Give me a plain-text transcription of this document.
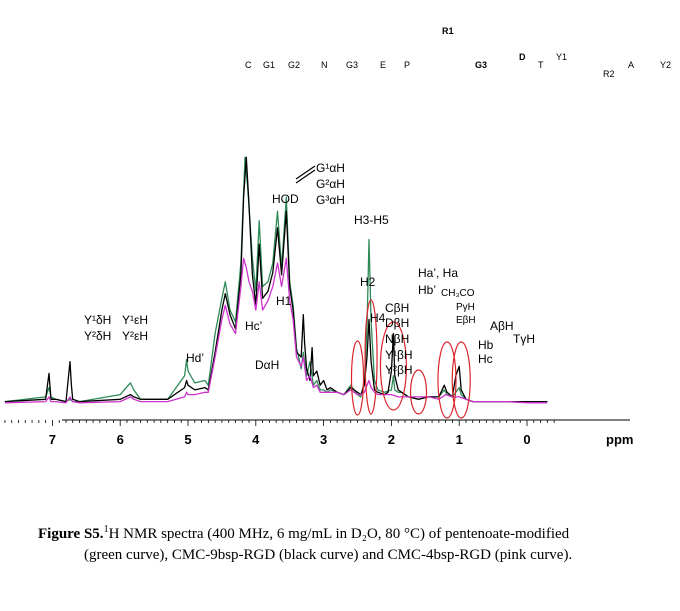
C G1 G2 N G3 E P
R1
G3
D
T
Y1
R2
A	Y2
Y¹δH
Y²δH
Y¹εH
Y²εH
Hd’
Hc’
DαH
H1
HOD
G¹αH
G²αH
G³αH
H3-H5
H2
H4
CβH
DβH
NβH
Y¹βH
Y²βH
Ha’, Ha
Hb’ CH₃CO
PγH
EβH
Hb
Hc
AβH
TγH
7	6	5	4	3	2	1	0	ppm
Figure S5.$^1$H NMR spectra (400 MHz, 6 mg/mL in D₂O, 80 °C) of pentenoate-modified
(green curve), CMC-9bsp-RGD (black curve) and CMC-4bsp-RGD (pink curve).
